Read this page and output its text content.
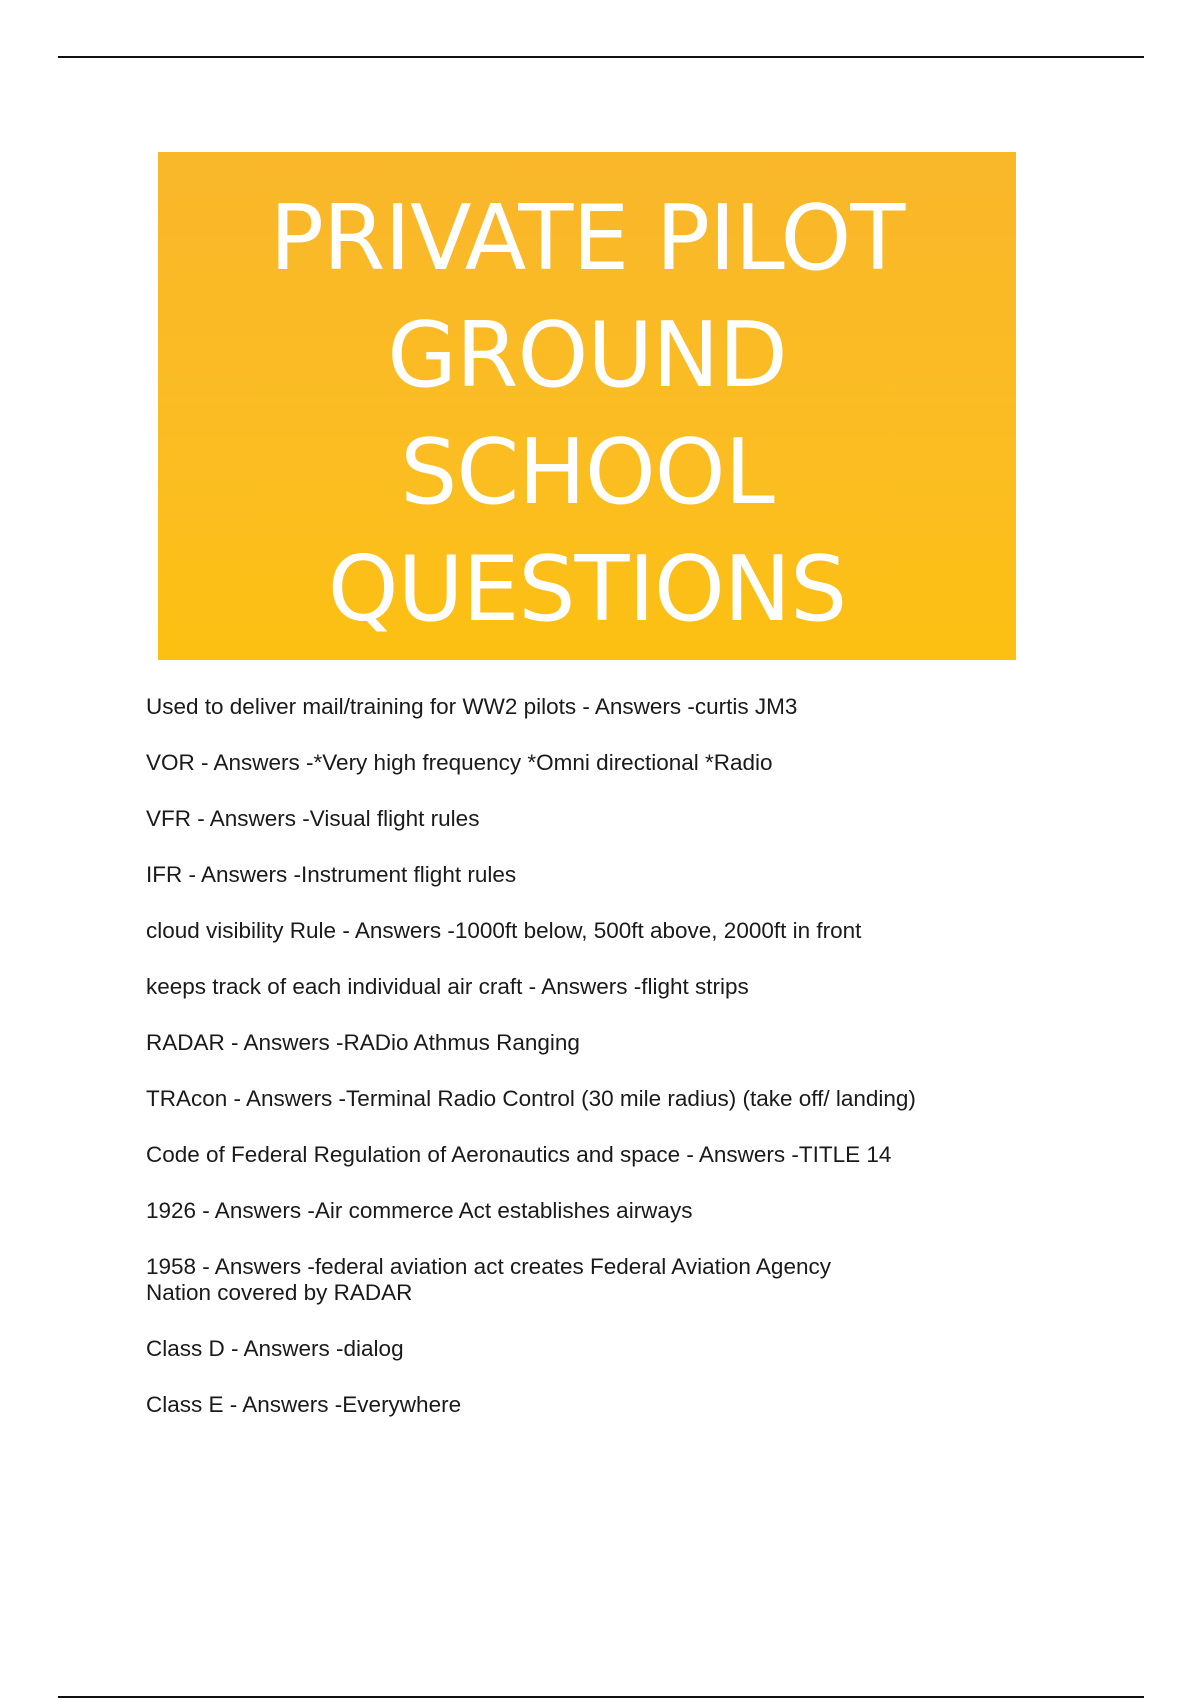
PRIVATE PILOT
GROUND
SCHOOL
QUESTIONS
Used to deliver mail/training for WW2 pilots - Answers -curtis JM3
VOR - Answers -*Very high frequency *Omni directional *Radio
VFR - Answers -Visual flight rules
IFR - Answers -Instrument flight rules
cloud visibility Rule - Answers -1000ft below, 500ft above, 2000ft in front
keeps track of each individual air craft - Answers -flight strips
RADAR - Answers -RADio Athmus Ranging
TRAcon - Answers -Terminal Radio Control (30 mile radius) (take off/ landing)
Code of Federal Regulation of Aeronautics and space - Answers -TITLE 14
1926 - Answers -Air commerce Act establishes airways
1958 - Answers -federal aviation act creates Federal Aviation Agency
Nation covered by RADAR
Class D - Answers -dialog
Class E - Answers -Everywhere
